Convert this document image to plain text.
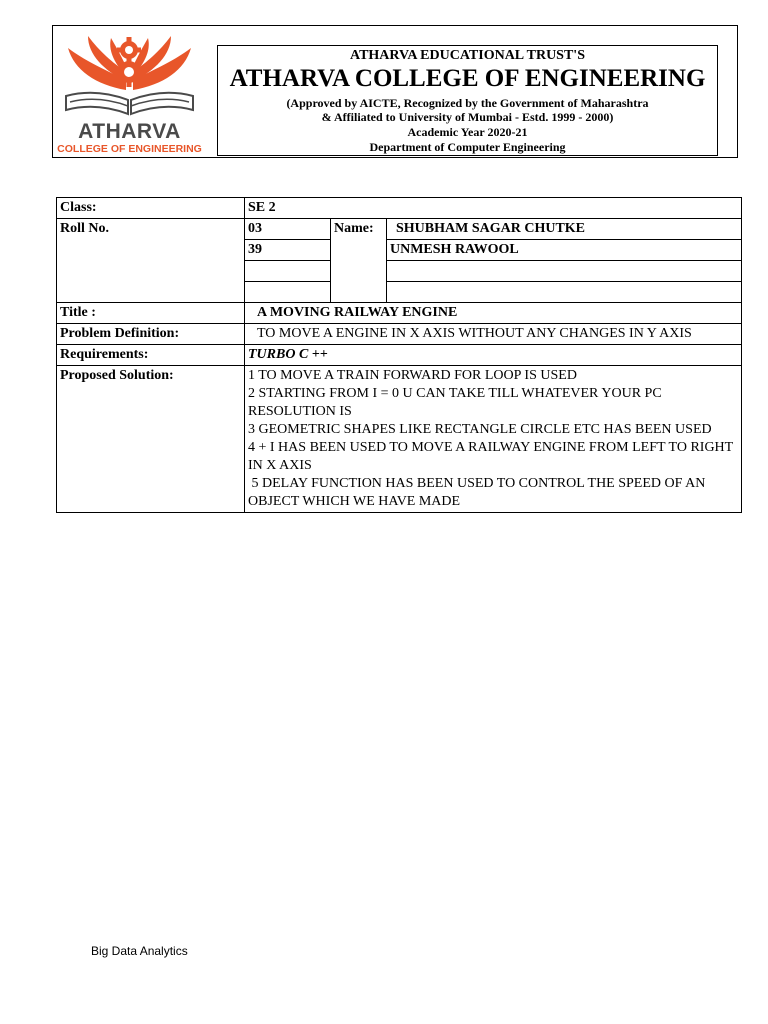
ATHARVA
COLLEGE OF ENGINEERING
ATHARVA EDUCATIONAL TRUST'S
ATHARVA COLLEGE OF ENGINEERING
(Approved by AICTE, Recognized by the Government of Maharashtra
& Affiliated to University of Mumbai - Estd. 1999 - 2000)
Academic Year 2020-21
Department of Computer Engineering
Class:	SE 2		
Roll No.	03	Name:	SHUBHAM SAGAR CHUTKE
	39		UNMESH RAWOOL

Title :	A MOVING RAILWAY ENGINE		
Problem Definition:	TO MOVE A ENGINE IN X AXIS WITHOUT ANY CHANGES IN Y AXIS		
Requirements:	TURBO C ++		
Proposed Solution:	1 TO MOVE A TRAIN FORWARD FOR LOOP IS USED
2 STARTING FROM I = 0 U CAN TAKE TILL WHATEVER YOUR PC RESOLUTION IS
3 GEOMETRIC SHAPES LIKE RECTANGLE CIRCLE ETC HAS BEEN USED
4 + I HAS BEEN USED TO MOVE A RAILWAY ENGINE FROM LEFT TO RIGHT IN X AXIS
5 DELAY FUNCTION HAS BEEN USED TO CONTROL THE SPEED OF AN OBJECT WHICH WE HAVE MADE		
Big Data Analytics
